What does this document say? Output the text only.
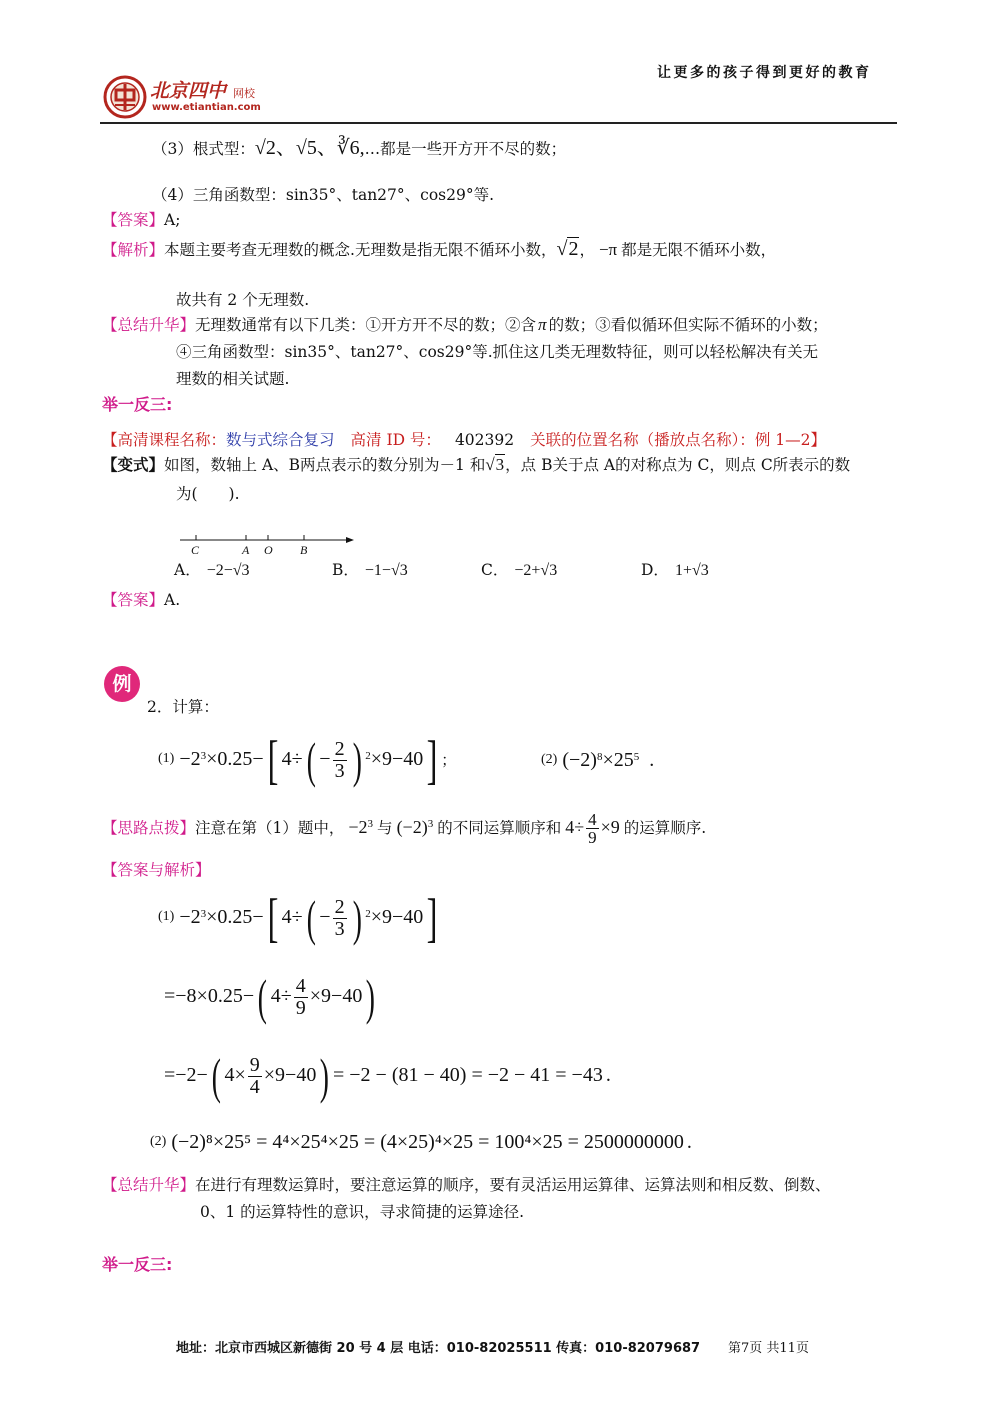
让更多的孩子得到更好的教育
北京四中 网校
www.etiantian.com
（3）根式型：√2、√5、∛6,…都是一些开方开不尽的数；
（4）三角函数型：sin35°、tan27°、cos29°等.
【答案】A;
【解析】本题主要考查无理数的概念.无理数是指无限不循环小数，√2， −π 都是无限不循环小数，
故共有 2 个无理数.
【总结升华】无理数通常有以下几类：①开方开不尽的数；②含 π 的数；③看似循环但实际不循环的小数；
④三角函数型：sin35°、tan27°、cos29°等.抓住这几类无理数特征，则可以轻松解决有关无
理数的相关试题.
举一反三:
【高清课程名称：数与式综合复习 高清 ID 号： 402392 关联的位置名称（播放点名称）：例 1—2】
【变式】如图，数轴上 A、B两点表示的数分别为－1 和√3，点 B关于点 A的对称点为 C，则点 C所表示的数
为(　　).
C	A O B
A． −2−√3	B． −1−√3	C． −2+√3	D． 1+√3
【答案】A.
例
2．计算：
$^{(1)} -2^3\times 0.25-$[ $4\div( - \frac{2}{3}$ ) $^2$×9−40] ；	$^{(2)}$ $(-2)^8\times 25^5$ .
【思路点拨】注意在第（1）题中， $-2^3$ 与 $(-2)^3$ 的不同运算顺序和 $4\div \frac{4}{9} \times 9$ 的运算顺序.
【答案与解析】
$^{(1)} -2^3\times 0.25-$[ $4\div( - \frac{2}{3}$ ) $^2$×9−40]
=−8×0.25−( $4\div \frac{4}{9} \times 9-40$)
=−2−( $4\times \frac{9}{4} \times 9-40) = -2 - (81 - 40) = -2 - 41 = -43$ .
$^{(2)}$ (−2)⁸×25⁵ = 4⁴×25⁴×25 = (4×25)⁴×25 = 100⁴×25 = 2500000000 .
【总结升华】在进行有理数运算时，要注意运算的顺序，要有灵活运用运算律、运算法则和相反数、倒数、
0、1 的运算特性的意识，寻求简捷的运算途径.
举一反三:
地址：北京市西城区新德街 20 号 4 层 电话：010-82025511 传真：010-82079687 第7页 共11页
